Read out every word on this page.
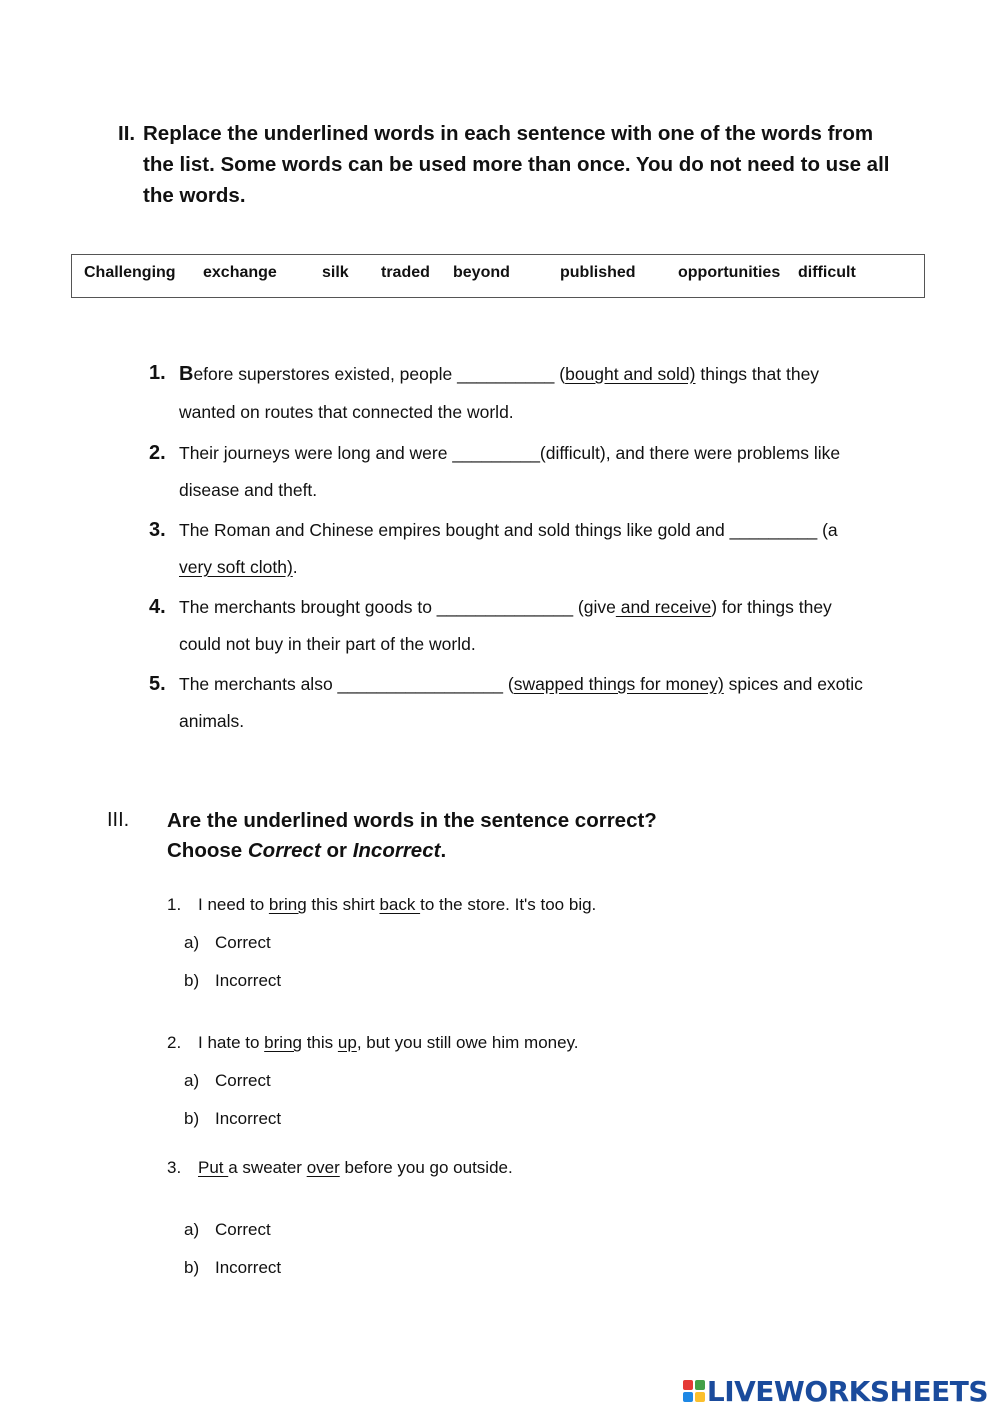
II. Replace the underlined words in each sentence with one of the words from the list. Some words can be used more than once. You do not need to use all the words.
Challenging exchange	silk traded beyond	published	opportunities difficult
1. Before superstores existed, people __________ (bought and sold) things that they
wanted on routes that connected the world.
2. Their journeys were long and were _________(difficult), and there were problems like
disease and theft.
3. The Roman and Chinese empires bought and sold things like gold and _________ (a
very soft cloth).
4. The merchants brought goods to ______________ (give and receive) for things they
could not buy in their part of the world.
5. The merchants also _________________ (swapped things for money) spices and exotic
animals.
III. Are the underlined words in the sentence correct?
Choose Correct or Incorrect.
1. I need to bring this shirt back to the store. It's too big.
a) Correct
b) Incorrect
2. I hate to bring this up, but you still owe him money.
a) Correct
b) Incorrect
3. Put a sweater over before you go outside.
a) Correct
b) Incorrect
LIVEWORKSHEETS
